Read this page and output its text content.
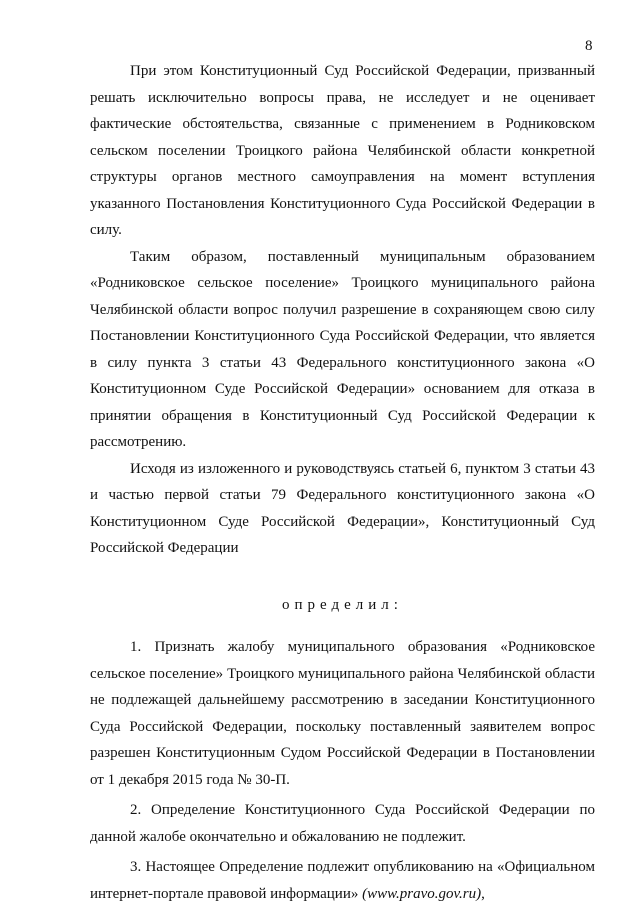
8

При этом Конституционный Суд Российской Федерации, призванный решать исключительно вопросы права, не исследует и не оценивает фактические обстоятельства, связанные с применением в Родниковском сельском поселении Троицкого района Челябинской области конкретной структуры органов местного самоуправления на момент вступления указанного Постановления Конституционного Суда Российской Федерации в силу.

Таким образом, поставленный муниципальным образованием «Родниковское сельское поселение» Троицкого муниципального района Челябинской области вопрос получил разрешение в сохраняющем свою силу Постановлении Конституционного Суда Российской Федерации, что является в силу пункта 3 статьи 43 Федерального конституционного закона «О Конституционном Суде Российской Федерации» основанием для отказа в принятии обращения в Конституционный Суд Российской Федерации к рассмотрению.

Исходя из изложенного и руководствуясь статьей 6, пунктом 3 статьи 43 и частью первой статьи 79 Федерального конституционного закона «О Конституционном Суде Российской Федерации», Конституционный Суд Российской Федерации

определил:

1. Признать жалобу муниципального образования «Родниковское сельское поселение» Троицкого муниципального района Челябинской области не подлежащей дальнейшему рассмотрению в заседании Конституционного Суда Российской Федерации, поскольку поставленный заявителем вопрос разрешен Конституционным Судом Российской Федерации в Постановлении от 1 декабря 2015 года № 30-П.

2. Определение Конституционного Суда Российской Федерации по данной жалобе окончательно и обжалованию не подлежит.

3. Настоящее Определение подлежит опубликованию на «Официальном интернет-портале правовой информации» (www.pravo.gov.ru),
